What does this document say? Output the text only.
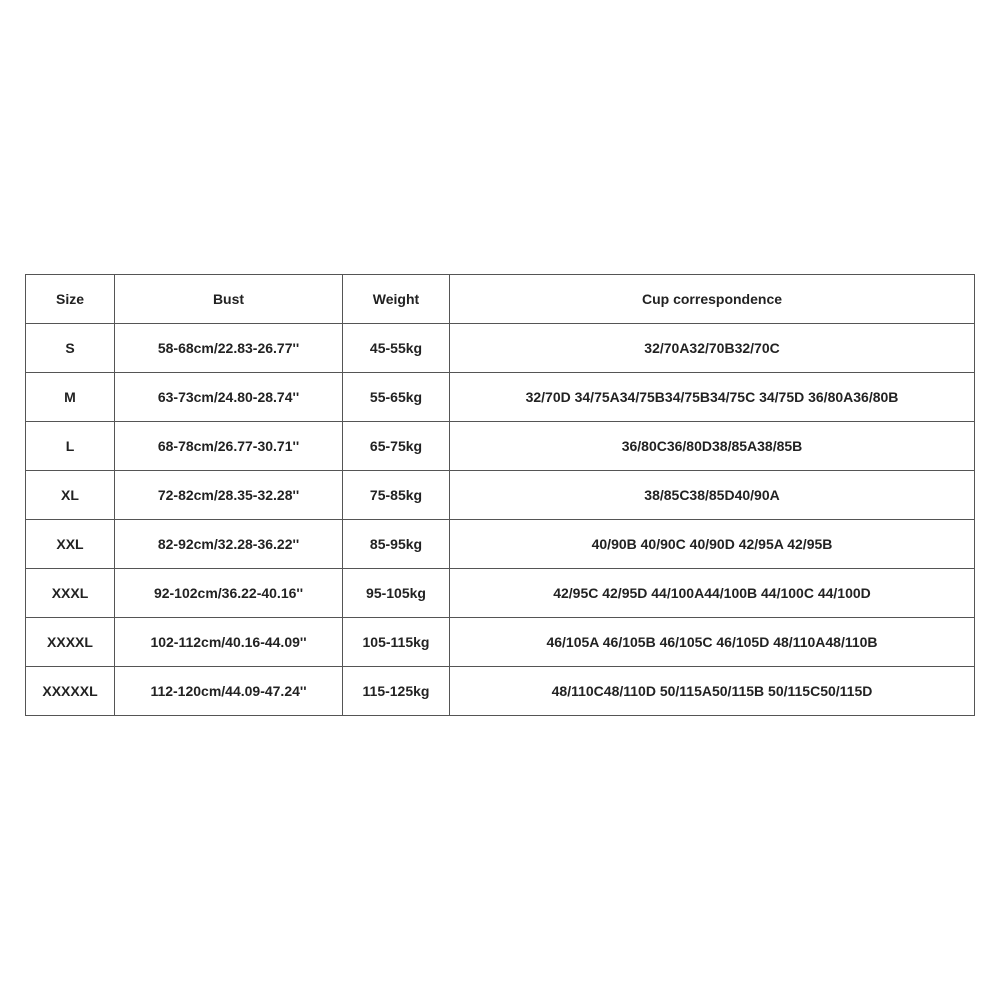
Size	Bust	Weight	Cup correspondence
S	58-68cm/22.83-26.77''	45-55kg	32/70A32/70B32/70C
M	63-73cm/24.80-28.74''	55-65kg	32/70D 34/75A34/75B34/75B34/75C 34/75D 36/80A36/80B
L	68-78cm/26.77-30.71''	65-75kg	36/80C36/80D38/85A38/85B
XL	72-82cm/28.35-32.28''	75-85kg	38/85C38/85D40/90A
XXL	82-92cm/32.28-36.22''	85-95kg	40/90B 40/90C 40/90D 42/95A 42/95B
XXXL	92-102cm/36.22-40.16''	95-105kg	42/95C 42/95D 44/100A44/100B 44/100C 44/100D
XXXXL	102-112cm/40.16-44.09''	105-115kg	46/105A 46/105B 46/105C 46/105D 48/110A48/110B
XXXXXL	112-120cm/44.09-47.24''	115-125kg	48/110C48/110D 50/115A50/115B 50/115C50/115D
